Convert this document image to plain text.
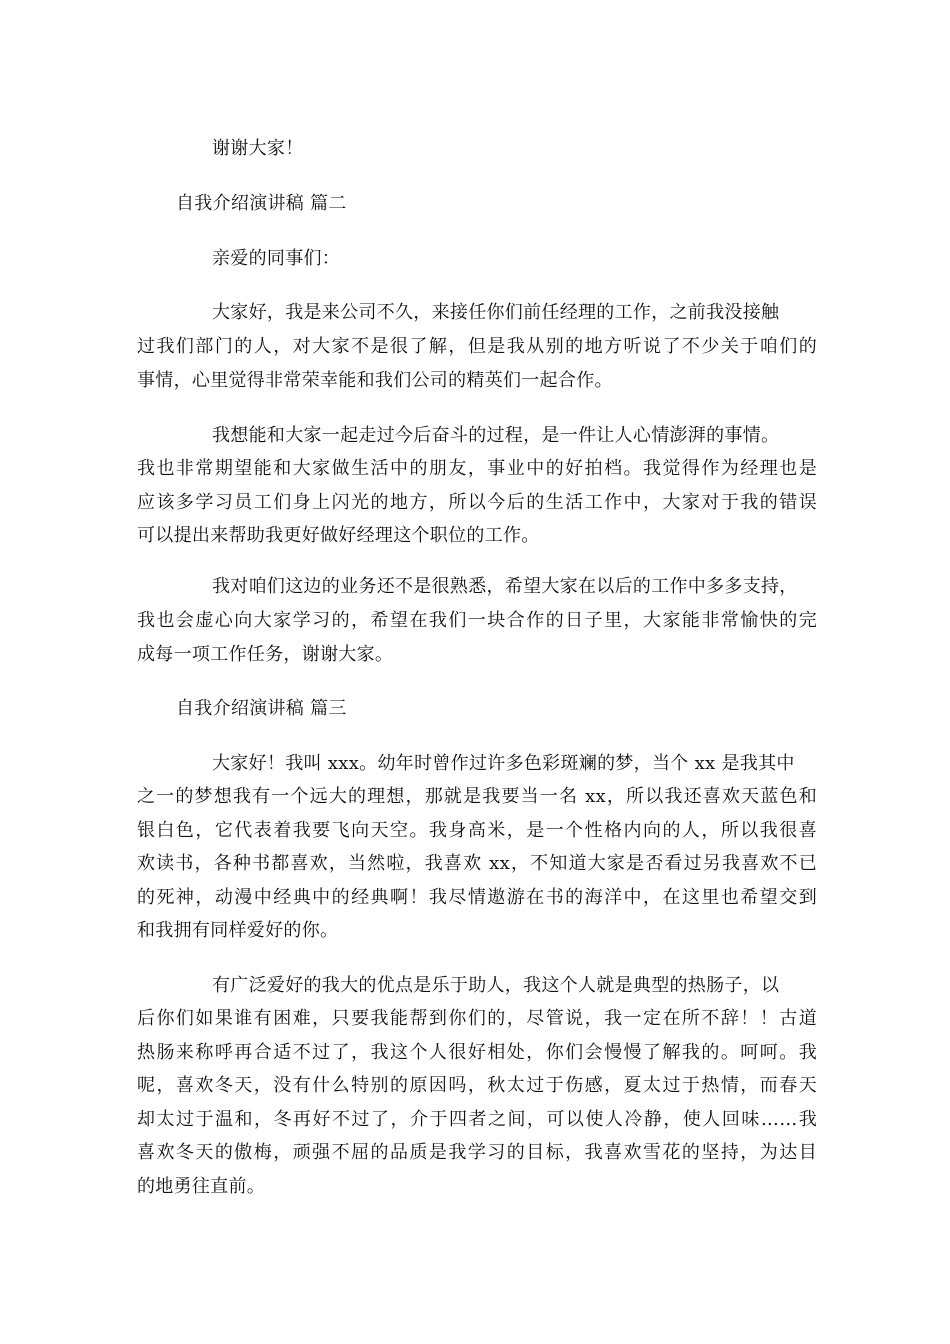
谢谢大家！
自我介绍演讲稿 篇二
亲爱的同事们：
大家好，我是来公司不久，来接任你们前任经理的工作，之前我没接触
过我们部门的人，对大家不是很了解，但是我从别的地方听说了不少关于咱们的
事情，心里觉得非常荣幸能和我们公司的精英们一起合作。
我想能和大家一起走过今后奋斗的过程，是一件让人心情澎湃的事情。
我也非常期望能和大家做生活中的朋友，事业中的好拍档。我觉得作为经理也是
应该多学习员工们身上闪光的地方，所以今后的生活工作中，大家对于我的错误
可以提出来帮助我更好做好经理这个职位的工作。
我对咱们这边的业务还不是很熟悉，希望大家在以后的工作中多多支持，
我也会虚心向大家学习的，希望在我们一块合作的日子里，大家能非常愉快的完
成每一项工作任务，谢谢大家。
自我介绍演讲稿 篇三
大家好！我叫 xxx。幼年时曾作过许多色彩斑斓的梦，当个 xx 是我其中
之一的梦想我有一个远大的理想，那就是我要当一名 xx，所以我还喜欢天蓝色和
银白色，它代表着我要飞向天空。我身高米，是一个性格内向的人，所以我很喜
欢读书，各种书都喜欢，当然啦，我喜欢 xx，不知道大家是否看过另我喜欢不已
的死神，动漫中经典中的经典啊！我尽情遨游在书的海洋中，在这里也希望交到
和我拥有同样爱好的你。
有广泛爱好的我大的优点是乐于助人，我这个人就是典型的热肠子，以
后你们如果谁有困难，只要我能帮到你们的，尽管说，我一定在所不辞！！古道
热肠来称呼再合适不过了，我这个人很好相处，你们会慢慢了解我的。呵呵。我
呢，喜欢冬天，没有什么特别的原因吗，秋太过于伤感，夏太过于热情，而春天
却太过于温和，冬再好不过了，介于四者之间，可以使人冷静，使人回味……我
喜欢冬天的傲梅，顽强不屈的品质是我学习的目标，我喜欢雪花的坚持，为达目
的地勇往直前。
